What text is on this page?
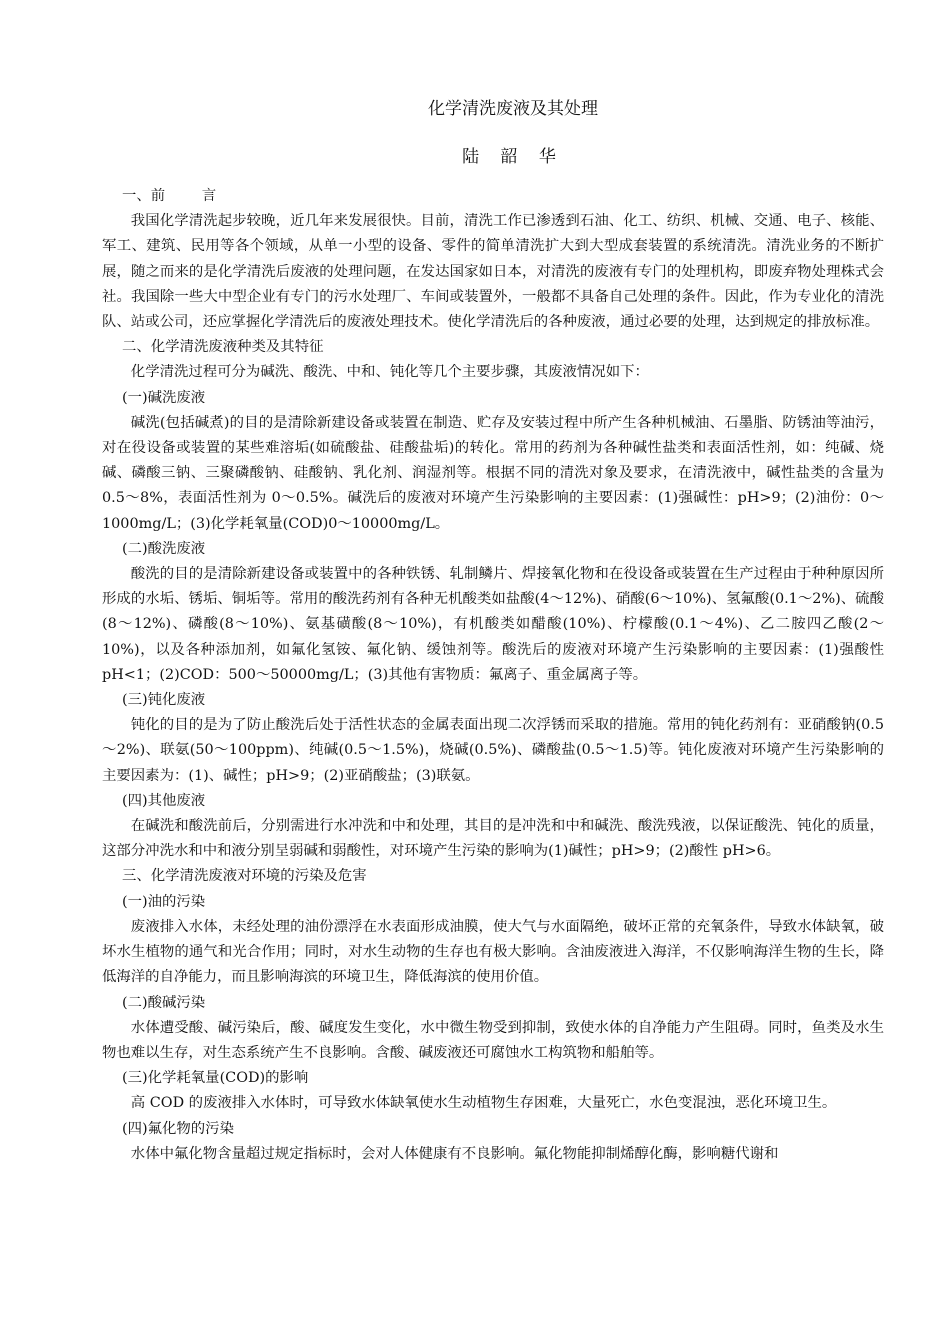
化学清洗废液及其处理
陆 韶 华
一、前        言
我国化学清洗起步较晚，近几年来发展很快。目前，清洗工作已渗透到石油、化工、纺织、机械、交通、电子、核能、军工、建筑、民用等各个领域，从单一小型的设备、零件的简单清洗扩大到大型成套装置的系统清洗。清洗业务的不断扩展，随之而来的是化学清洗后废液的处理问题，在发达国家如日本，对清洗的废液有专门的处理机构，即废弃物处理株式会社。我国除一些大中型企业有专门的污水处理厂、车间或装置外，一般都不具备自己处理的条件。因此，作为专业化的清洗队、站或公司，还应掌握化学清洗后的废液处理技术。使化学清洗后的各种废液，通过必要的处理，达到规定的排放标准。
二、化学清洗废液种类及其特征
化学清洗过程可分为碱洗、酸洗、中和、钝化等几个主要步骤，其废液情况如下：
(一)碱洗废液
碱洗(包括碱煮)的目的是清除新建设备或装置在制造、贮存及安装过程中所产生各种机械油、石墨脂、防锈油等油污，对在役设备或装置的某些难溶垢(如硫酸盐、硅酸盐垢)的转化。常用的药剂为各种碱性盐类和表面活性剂，如：纯碱、烧碱、磷酸三钠、三聚磷酸钠、硅酸钠、乳化剂、润湿剂等。根据不同的清洗对象及要求，在清洗液中，碱性盐类的含量为 0.5～8%，表面活性剂为 0～0.5%。碱洗后的废液对环境产生污染影响的主要因素：(1)强碱性：pH>9；(2)油份：0～1000mg/L；(3)化学耗氧量(COD)0～10000mg/L。
(二)酸洗废液
酸洗的目的是清除新建设备或装置中的各种铁锈、轧制鳞片、焊接氧化物和在役设备或装置在生产过程由于种种原因所形成的水垢、锈垢、铜垢等。常用的酸洗药剂有各种无机酸类如盐酸(4～12%)、硝酸(6～10%)、氢氟酸(0.1～2%)、硫酸(8～12%)、磷酸(8～10%)、氨基磺酸(8～10%)，有机酸类如醋酸(10%)、柠檬酸(0.1～4%)、乙二胺四乙酸(2～10%)，以及各种添加剂，如氟化氢铵、氟化钠、缓蚀剂等。酸洗后的废液对环境产生污染影响的主要因素：(1)强酸性 pH<1；(2)COD：500～50000mg/L；(3)其他有害物质：氟离子、重金属离子等。
(三)钝化废液
钝化的目的是为了防止酸洗后处于活性状态的金属表面出现二次浮锈而采取的措施。常用的钝化药剂有：亚硝酸钠(0.5～2%)、联氨(50～100ppm)、纯碱(0.5～1.5%)，烧碱(0.5%)、磷酸盐(0.5～1.5)等。钝化废液对环境产生污染影响的主要因素为：(1)、碱性；pH>9；(2)亚硝酸盐；(3)联氨。
(四)其他废液
在碱洗和酸洗前后，分别需进行水冲洗和中和处理，其目的是冲洗和中和碱洗、酸洗残液，以保证酸洗、钝化的质量，这部分冲洗水和中和液分别呈弱碱和弱酸性，对环境产生污染的影响为(1)碱性；pH>9；(2)酸性 pH>6。
三、化学清洗废液对环境的污染及危害
(一)油的污染
废液排入水体，未经处理的油份漂浮在水表面形成油膜，使大气与水面隔绝，破坏正常的充氧条件，导致水体缺氧，破坏水生植物的通气和光合作用；同时，对水生动物的生存也有极大影响。含油废液进入海洋，不仅影响海洋生物的生长，降低海洋的自净能力，而且影响海滨的环境卫生，降低海滨的使用价值。
(二)酸碱污染
水体遭受酸、碱污染后，酸、碱度发生变化，水中微生物受到抑制，致使水体的自净能力产生阻碍。同时，鱼类及水生物也难以生存，对生态系统产生不良影响。含酸、碱废液还可腐蚀水工构筑物和船舶等。
(三)化学耗氧量(COD)的影响
高 COD 的废液排入水体时，可导致水体缺氧使水生动植物生存困难，大量死亡，水色变混浊，恶化环境卫生。
(四)氟化物的污染
水体中氟化物含量超过规定指标时，会对人体健康有不良影响。氟化物能抑制烯醇化酶，影响糖代谢和
